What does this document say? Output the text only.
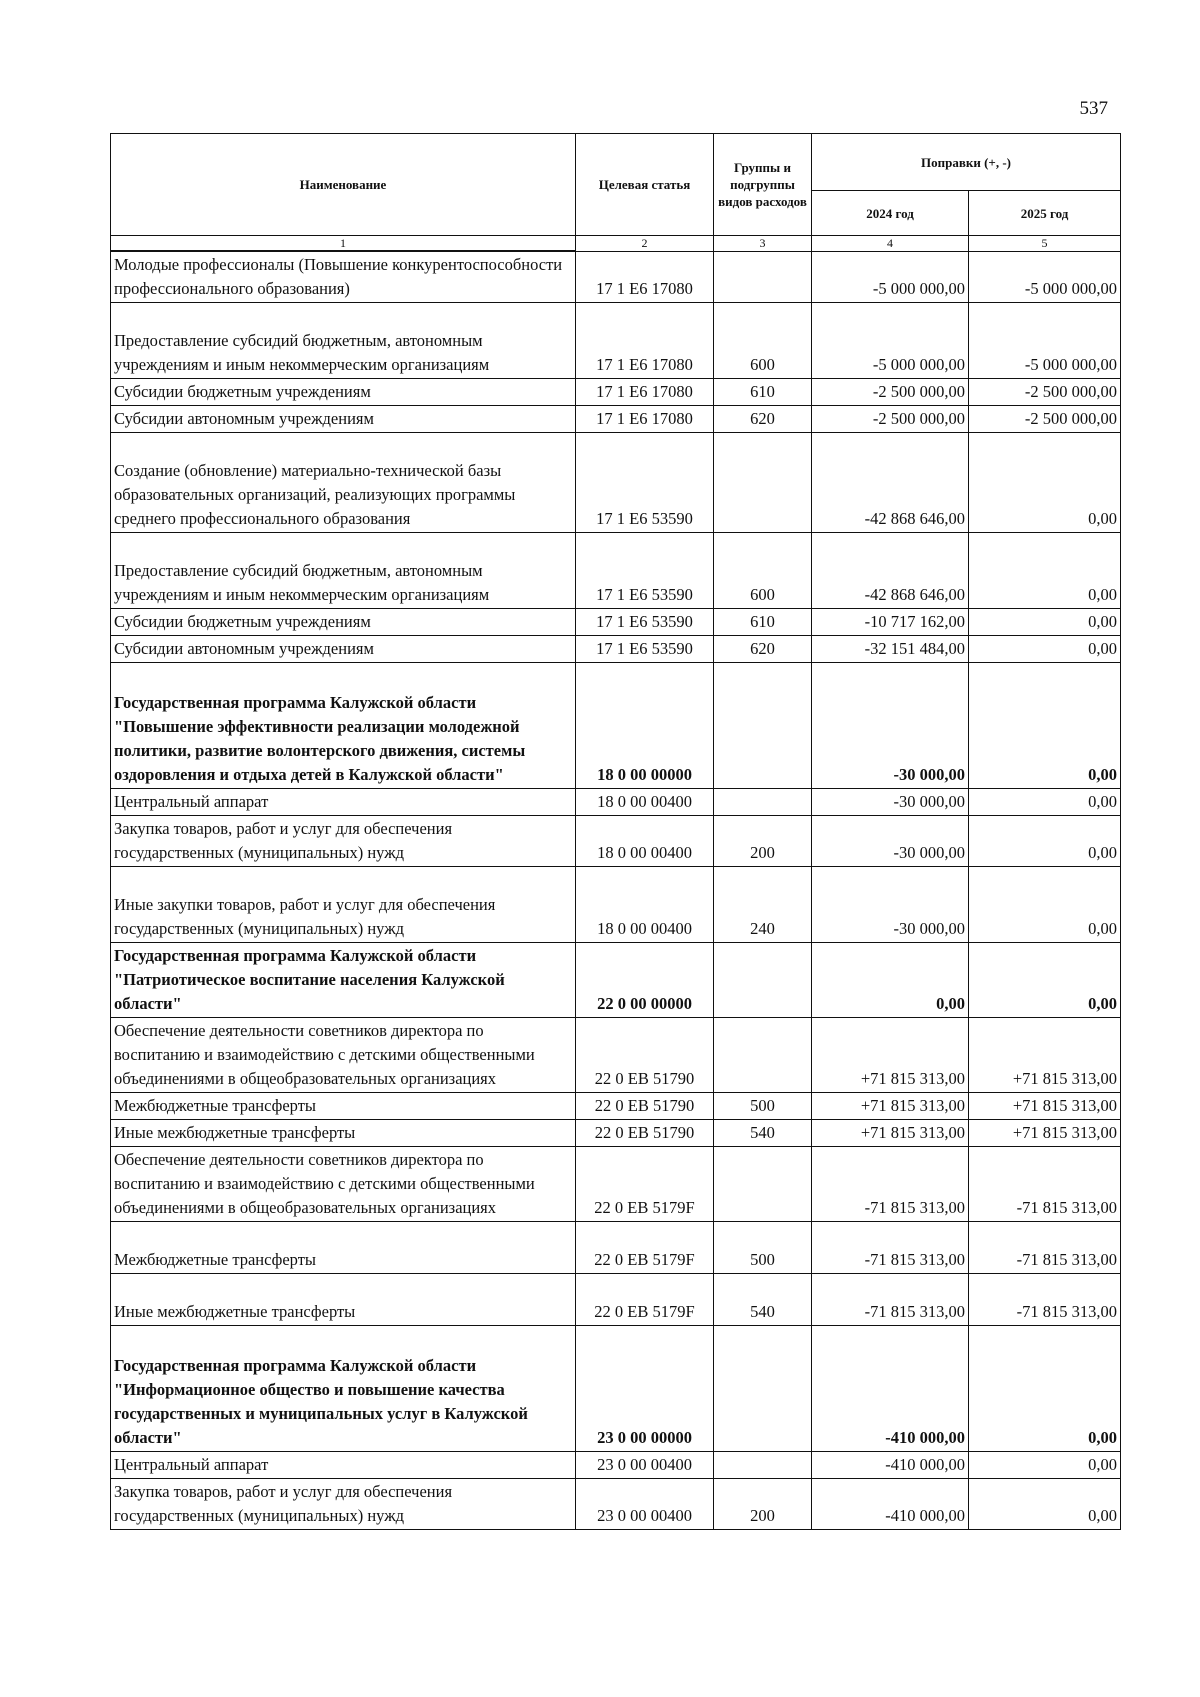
537
Наименование	Целевая статья	Группы и подгруппы видов расходов	Поправки (+, -)	
			2024 год	2025 год
1	2	3	4	5
Молодые профессионалы (Повышение конкурентоспособности профессионального образования)	17 1 E6 17080		-5 000 000,00	-5 000 000,00
Предоставление субсидий бюджетным, автономным учреждениям и иным некоммерческим организациям	17 1 E6 17080	600	-5 000 000,00	-5 000 000,00
Субсидии бюджетным учреждениям	17 1 E6 17080	610	-2 500 000,00	-2 500 000,00
Субсидии автономным учреждениям	17 1 E6 17080	620	-2 500 000,00	-2 500 000,00
Создание (обновление) материально-технической базы образовательных организаций, реализующих программы среднего профессионального образования	17 1 E6 53590		-42 868 646,00	0,00
Предоставление субсидий бюджетным, автономным учреждениям и иным некоммерческим организациям	17 1 E6 53590	600	-42 868 646,00	0,00
Субсидии бюджетным учреждениям	17 1 E6 53590	610	-10 717 162,00	0,00
Субсидии автономным учреждениям	17 1 E6 53590	620	-32 151 484,00	0,00
Государственная программа Калужской области "Повышение эффективности реализации молодежной политики, развитие волонтерского движения, системы оздоровления и отдыха детей в Калужской области"	18 0 00 00000		-30 000,00	0,00
Центральный аппарат	18 0 00 00400		-30 000,00	0,00
Закупка товаров, работ и услуг для обеспечения государственных (муниципальных) нужд	18 0 00 00400	200	-30 000,00	0,00
Иные закупки товаров, работ и услуг для обеспечения государственных (муниципальных) нужд	18 0 00 00400	240	-30 000,00	0,00
Государственная программа Калужской области "Патриотическое воспитание населения Калужской области"	22 0 00 00000		0,00	0,00
Обеспечение деятельности советников директора по воспитанию и взаимодействию с детскими общественными объединениями в общеобразовательных организациях	22 0 EB 51790		+71 815 313,00	+71 815 313,00
Межбюджетные трансферты	22 0 EB 51790	500	+71 815 313,00	+71 815 313,00
Иные межбюджетные трансферты	22 0 EB 51790	540	+71 815 313,00	+71 815 313,00
Обеспечение деятельности советников директора по воспитанию и взаимодействию с детскими общественными объединениями в общеобразовательных организациях	22 0 EB 5179F		-71 815 313,00	-71 815 313,00
Межбюджетные трансферты	22 0 EB 5179F	500	-71 815 313,00	-71 815 313,00
Иные межбюджетные трансферты	22 0 EB 5179F	540	-71 815 313,00	-71 815 313,00
Государственная программа Калужской области "Информационное общество и повышение качества государственных и муниципальных услуг в Калужской области"	23 0 00 00000		-410 000,00	0,00
Центральный аппарат	23 0 00 00400		-410 000,00	0,00
Закупка товаров, работ и услуг для обеспечения государственных (муниципальных) нужд	23 0 00 00400	200	-410 000,00	0,00
